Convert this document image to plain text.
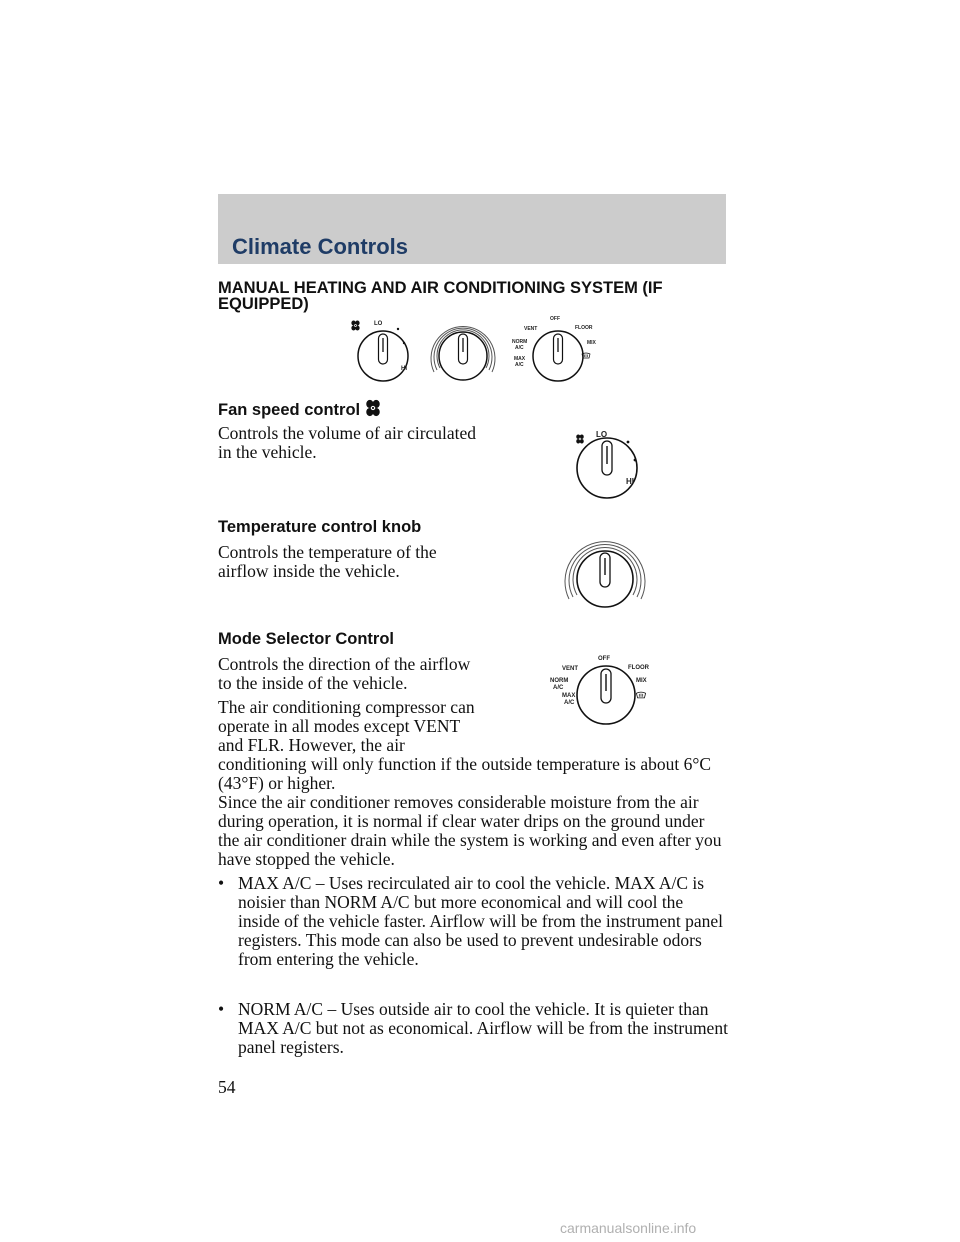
Climate Controls
MANUAL HEATING AND AIR CONDITIONING SYSTEM (IF EQUIPPED)
LO
HI
OFF
VENT	FLOOR
NORM
A/C
MIX
MAX
A/C
Fan speed control

Controls the volume of air circulated in the vehicle.

LO
HI
Temperature control knob

Controls the temperature of the airflow inside the vehicle.

Mode Selector Control

Controls the direction of the airflow to the inside of the vehicle.

The air conditioning compressor can
operate in all modes except VENT
and FLR. However, the air
conditioning will only function if the outside temperature is about 6°C (43°F) or higher.
OFF
VENT	FLOOR
NORM
A/C
MIX
MAX
A/C

Since the air conditioner removes considerable moisture from the air during operation, it is normal if clear water drips on the ground under the air conditioner drain while the system is working and even after you have stopped the vehicle.

• MAX A/C – Uses recirculated air to cool the vehicle. MAX A/C is noisier than NORM A/C but more economical and will cool the inside of the vehicle faster. Airflow will be from the instrument panel registers. This mode can also be used to prevent undesirable odors from entering the vehicle.
• NORM A/C – Uses outside air to cool the vehicle. It is quieter than MAX A/C but not as economical. Airflow will be from the instrument panel registers.
54
carmanualsonline.info
